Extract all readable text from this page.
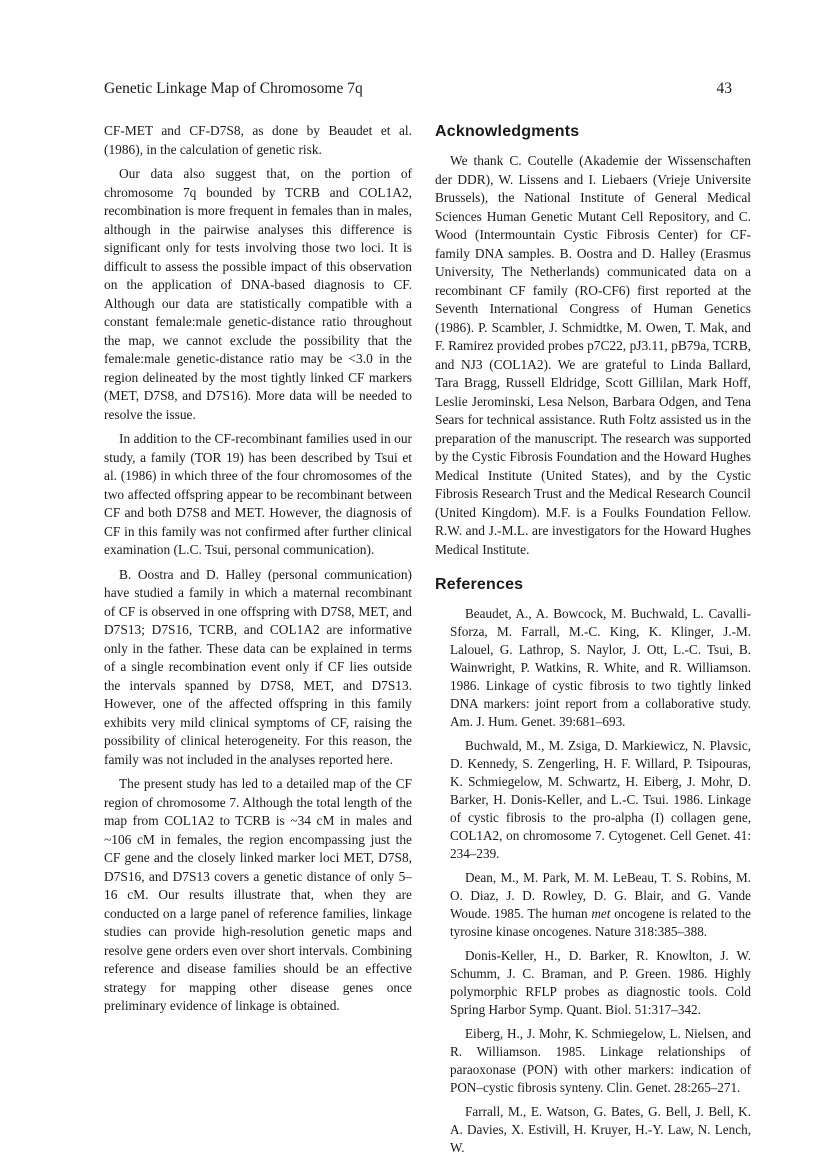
Genetic Linkage Map of Chromosome 7q	43

CF-MET and CF-D7S8, as done by Beaudet et al. (1986), in the calculation of genetic risk.

Our data also suggest that, on the portion of chromosome 7q bounded by TCRB and COL1A2, recombination is more frequent in females than in males, although in the pairwise analyses this difference is significant only for tests involving those two loci. It is difficult to assess the possible impact of this observation on the application of DNA-based diagnosis to CF. Although our data are statistically compatible with a constant female:male genetic-distance ratio throughout the map, we cannot exclude the possibility that the female:male genetic-distance ratio may be <3.0 in the region delineated by the most tightly linked CF markers (MET, D7S8, and D7S16). More data will be needed to resolve the issue.

In addition to the CF-recombinant families used in our study, a family (TOR 19) has been described by Tsui et al. (1986) in which three of the four chromosomes of the two affected offspring appear to be recombinant between CF and both D7S8 and MET. However, the diagnosis of CF in this family was not confirmed after further clinical examination (L.C. Tsui, personal communication).

B. Oostra and D. Halley (personal communication) have studied a family in which a maternal recombinant of CF is observed in one offspring with D7S8, MET, and D7S13; D7S16, TCRB, and COL1A2 are informative only in the father. These data can be explained in terms of a single recombination event only if CF lies outside the intervals spanned by D7S8, MET, and D7S13. However, one of the affected offspring in this family exhibits very mild clinical symptoms of CF, raising the possibility of clinical heterogeneity. For this reason, the family was not included in the analyses reported here.

The present study has led to a detailed map of the CF region of chromosome 7. Although the total length of the map from COL1A2 to TCRB is ~34 cM in males and ~106 cM in females, the region encompassing just the CF gene and the closely linked marker loci MET, D7S8, D7S16, and D7S13 covers a genetic distance of only 5–16 cM. Our results illustrate that, when they are conducted on a large panel of reference families, linkage studies can provide high-resolution genetic maps and resolve gene orders even over short intervals. Combining reference and disease families should be an effective strategy for mapping other disease genes once preliminary evidence of linkage is obtained.

Acknowledgments

We thank C. Coutelle (Akademie der Wissenschaften der DDR), W. Lissens and I. Liebaers (Vrieje Universite Brussels), the National Institute of General Medical Sciences Human Genetic Mutant Cell Repository, and C. Wood (Intermountain Cystic Fibrosis Center) for CF-family DNA samples. B. Oostra and D. Halley (Erasmus University, The Netherlands) communicated data on a recombinant CF family (RO-CF6) first reported at the Seventh International Congress of Human Genetics (1986). P. Scambler, J. Schmidtke, M. Owen, T. Mak, and F. Ramirez provided probes p7C22, pJ3.11, pB79a, TCRB, and NJ3 (COL1A2). We are grateful to Linda Ballard, Tara Bragg, Russell Eldridge, Scott Gillilan, Mark Hoff, Leslie Jerominski, Lesa Nelson, Barbara Odgen, and Tena Sears for technical assistance. Ruth Foltz assisted us in the preparation of the manuscript. The research was supported by the Cystic Fibrosis Foundation and the Howard Hughes Medical Institute (United States), and by the Cystic Fibrosis Research Trust and the Medical Research Council (United Kingdom). M.F. is a Foulks Foundation Fellow. R.W. and J.-M.L. are investigators for the Howard Hughes Medical Institute.

References

Beaudet, A., A. Bowcock, M. Buchwald, L. Cavalli-Sforza, M. Farrall, M.-C. King, K. Klinger, J.-M. Lalouel, G. Lathrop, S. Naylor, J. Ott, L.-C. Tsui, B. Wainwright, P. Watkins, R. White, and R. Williamson. 1986. Linkage of cystic fibrosis to two tightly linked DNA markers: joint report from a collaborative study. Am. J. Hum. Genet. 39:681–693.

Buchwald, M., M. Zsiga, D. Markiewicz, N. Plavsic, D. Kennedy, S. Zengerling, H. F. Willard, P. Tsipouras, K. Schmiegelow, M. Schwartz, H. Eiberg, J. Mohr, D. Barker, H. Donis-Keller, and L.-C. Tsui. 1986. Linkage of cystic fibrosis to the pro-alpha (I) collagen gene, COL1A2, on chromosome 7. Cytogenet. Cell Genet. 41: 234–239.

Dean, M., M. Park, M. M. LeBeau, T. S. Robins, M. O. Diaz, J. D. Rowley, D. G. Blair, and G. Vande Woude. 1985. The human met oncogene is related to the tyrosine kinase oncogenes. Nature 318:385–388.

Donis-Keller, H., D. Barker, R. Knowlton, J. W. Schumm, J. C. Braman, and P. Green. 1986. Highly polymorphic RFLP probes as diagnostic tools. Cold Spring Harbor Symp. Quant. Biol. 51:317–342.

Eiberg, H., J. Mohr, K. Schmiegelow, L. Nielsen, and R. Williamson. 1985. Linkage relationships of paraoxonase (PON) with other markers: indication of PON–cystic fibrosis synteny. Clin. Genet. 28:265–271.

Farrall, M., E. Watson, G. Bates, G. Bell, J. Bell, K. A. Davies, X. Estivill, H. Kruyer, H.-Y. Law, N. Lench, W.
